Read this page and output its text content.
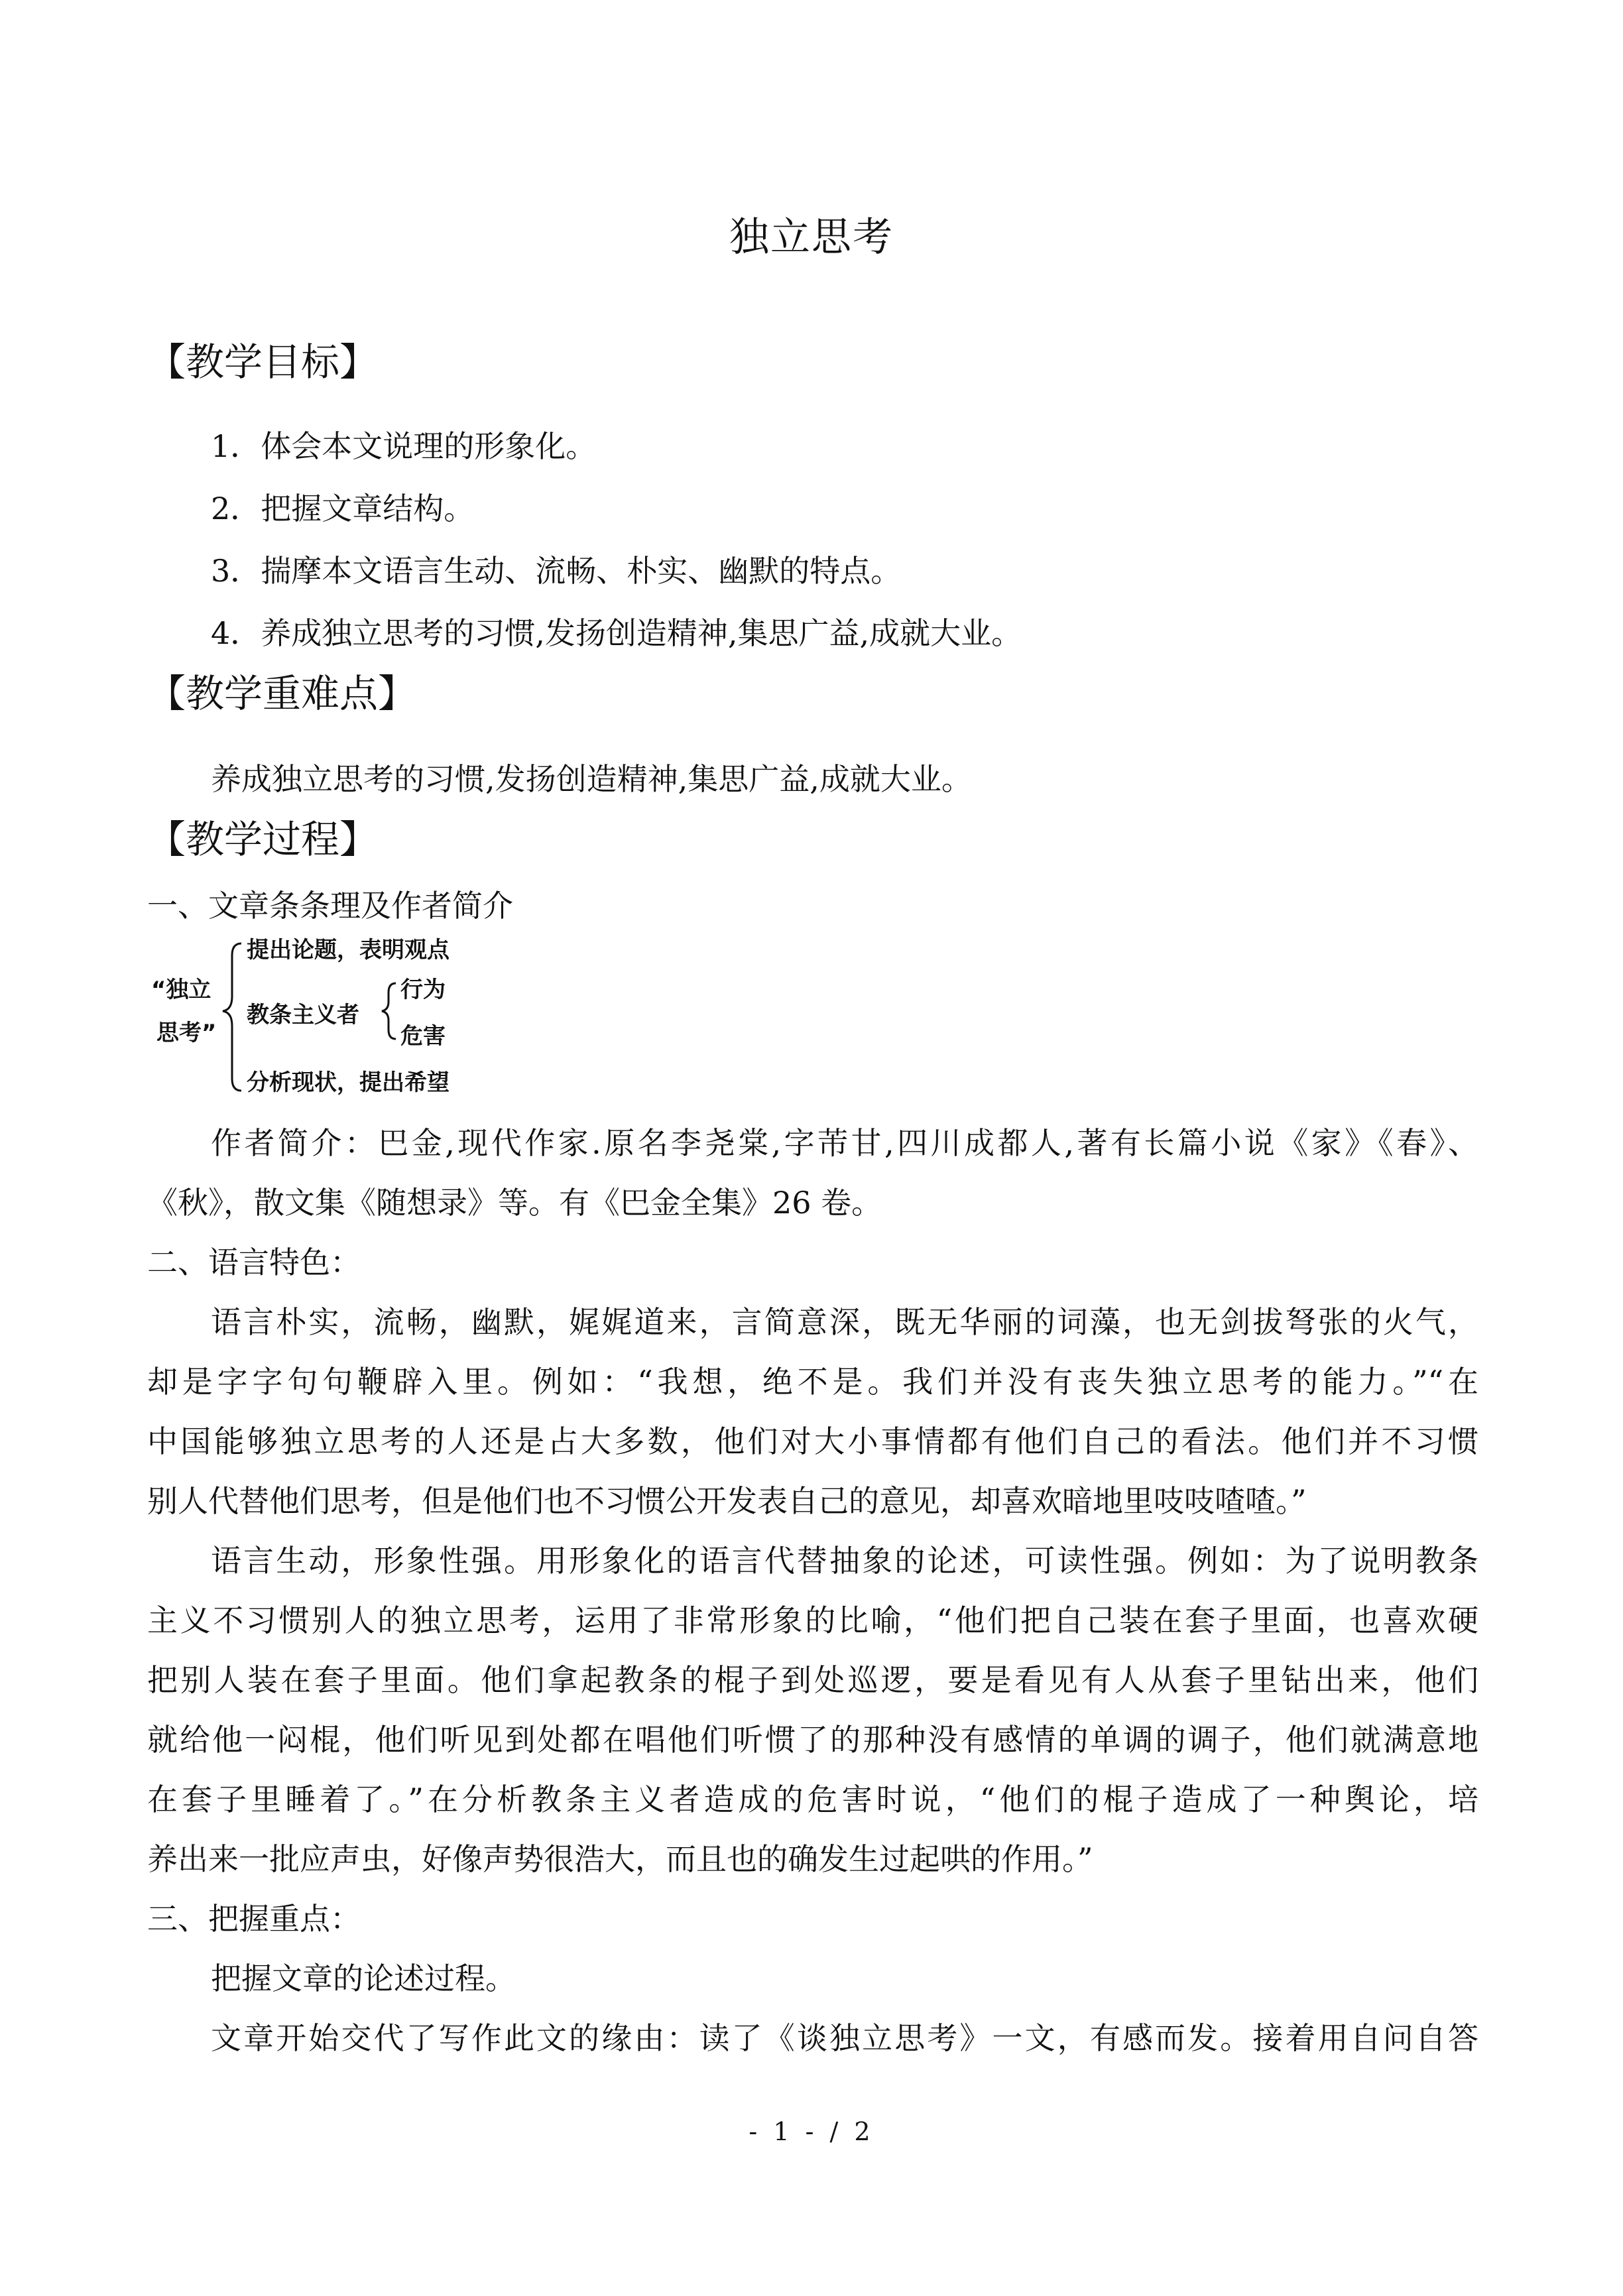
独立思考
【教学目标】
1．体会本文说理的形象化。
2．把握文章结构。
3．揣摩本文语言生动、流畅、朴实、幽默的特点。
4．养成独立思考的习惯,发扬创造精神,集思广益,成就大业。
【教学重难点】
养成独立思考的习惯,发扬创造精神,集思广益,成就大业。
【教学过程】
一、文章条条理及作者简介
“独立
思考”
提出论题，表明观点
教条主义者
行为
危害
分析现状，提出希望
作者简介：巴金,现代作家.原名李尧棠,字芾甘,四川成都人,著有长篇小说《家》《春》、
《秋》，散文集《随想录》等。有《巴金全集》26 卷。
二、语言特色：
语言朴实，流畅，幽默，娓娓道来，言简意深，既无华丽的词藻，也无剑拔弩张的火气，
却是字字句句鞭辟入里。例如：“我想，绝不是。我们并没有丧失独立思考的能力。”“在
中国能够独立思考的人还是占大多数，他们对大小事情都有他们自己的看法。他们并不习惯
别人代替他们思考，但是他们也不习惯公开发表自己的意见，却喜欢暗地里吱吱喳喳。”
语言生动，形象性强。用形象化的语言代替抽象的论述，可读性强。例如：为了说明教条
主义不习惯别人的独立思考，运用了非常形象的比喻，“他们把自己装在套子里面，也喜欢硬
把别人装在套子里面。他们拿起教条的棍子到处巡逻，要是看见有人从套子里钻出来，他们
就给他一闷棍，他们听见到处都在唱他们听惯了的那种没有感情的单调的调子，他们就满意地
在套子里睡着了。”在分析教条主义者造成的危害时说，“他们的棍子造成了一种舆论，培
养出来一批应声虫，好像声势很浩大，而且也的确发生过起哄的作用。”
三、把握重点：
把握文章的论述过程。
文章开始交代了写作此文的缘由：读了《谈独立思考》一文，有感而发。接着用自问自答
- 1 - / 2
